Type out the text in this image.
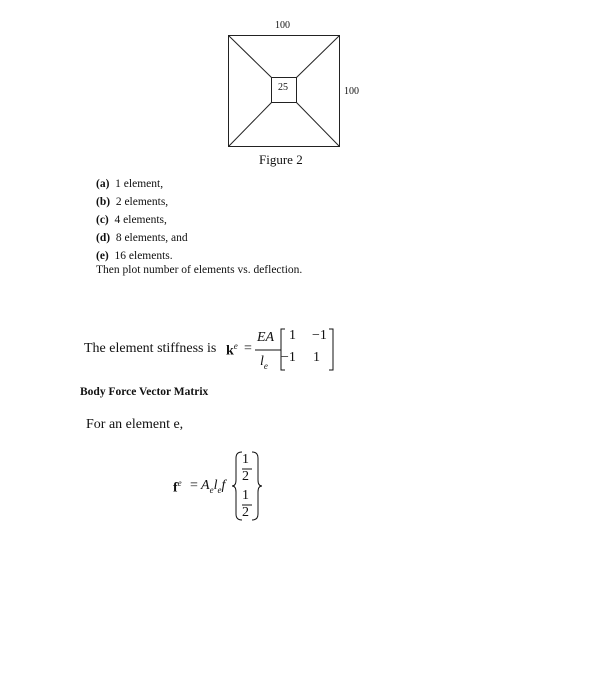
100
100
25
Figure 2
(a) 1 element,
(b) 2 elements,
(c) 4 elements,
(d) 8 elements, and
(e) 16 elements.
Then plot number of elements vs. deflection.
The element stiffness is $k^e$ =
EA
$l_e$
1 −1
−1 1
Body Force Vector Matrix
For an element e,
$f^e = A_el_ef$
1
2
1
2
